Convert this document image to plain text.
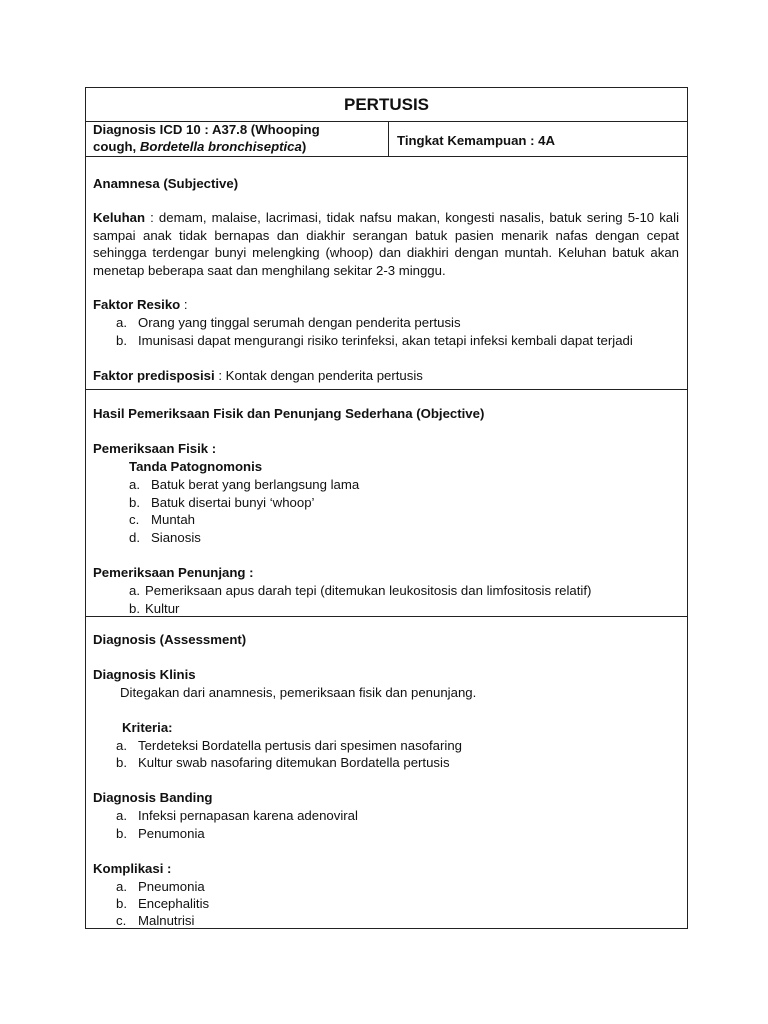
PERTUSIS
Diagnosis ICD 10 : A37.8 (Whooping
cough, Bordetella bronchiseptica)	Tingkat Kemampuan : 4A
Anamnesa (Subjective)
Keluhan : demam, malaise, lacrimasi, tidak nafsu makan, kongesti nasalis, batuk sering 5-10 kali sampai anak tidak bernapas dan diakhir serangan batuk pasien menarik nafas dengan cepat sehingga terdengar bunyi melengking (whoop) dan diakhiri dengan muntah. Keluhan batuk akan menetap beberapa saat dan menghilang sekitar 2-3 minggu.
Faktor Resiko :
a. Orang yang tinggal serumah dengan penderita pertusis
b. Imunisasi dapat mengurangi risiko terinfeksi, akan tetapi infeksi kembali dapat terjadi
Faktor predisposisi : Kontak dengan penderita pertusis
Hasil Pemeriksaan Fisik dan Penunjang Sederhana (Objective)
Pemeriksaan Fisik :
Tanda Patognomonis
a. Batuk berat yang berlangsung lama
b. Batuk disertai bunyi ‘whoop’
c. Muntah
d. Sianosis
Pemeriksaan Penunjang :
a. Pemeriksaan apus darah tepi (ditemukan leukositosis dan limfositosis relatif)
b. Kultur
Diagnosis (Assessment)
Diagnosis Klinis
Ditegakan dari anamnesis, pemeriksaan fisik dan penunjang.
Kriteria:
a. Terdeteksi Bordatella pertusis dari spesimen nasofaring
b. Kultur swab nasofaring ditemukan Bordatella pertusis
Diagnosis Banding
a. Infeksi pernapasan karena adenoviral
b. Penumonia
Komplikasi :
a. Pneumonia
b. Encephalitis
c. Malnutrisi
